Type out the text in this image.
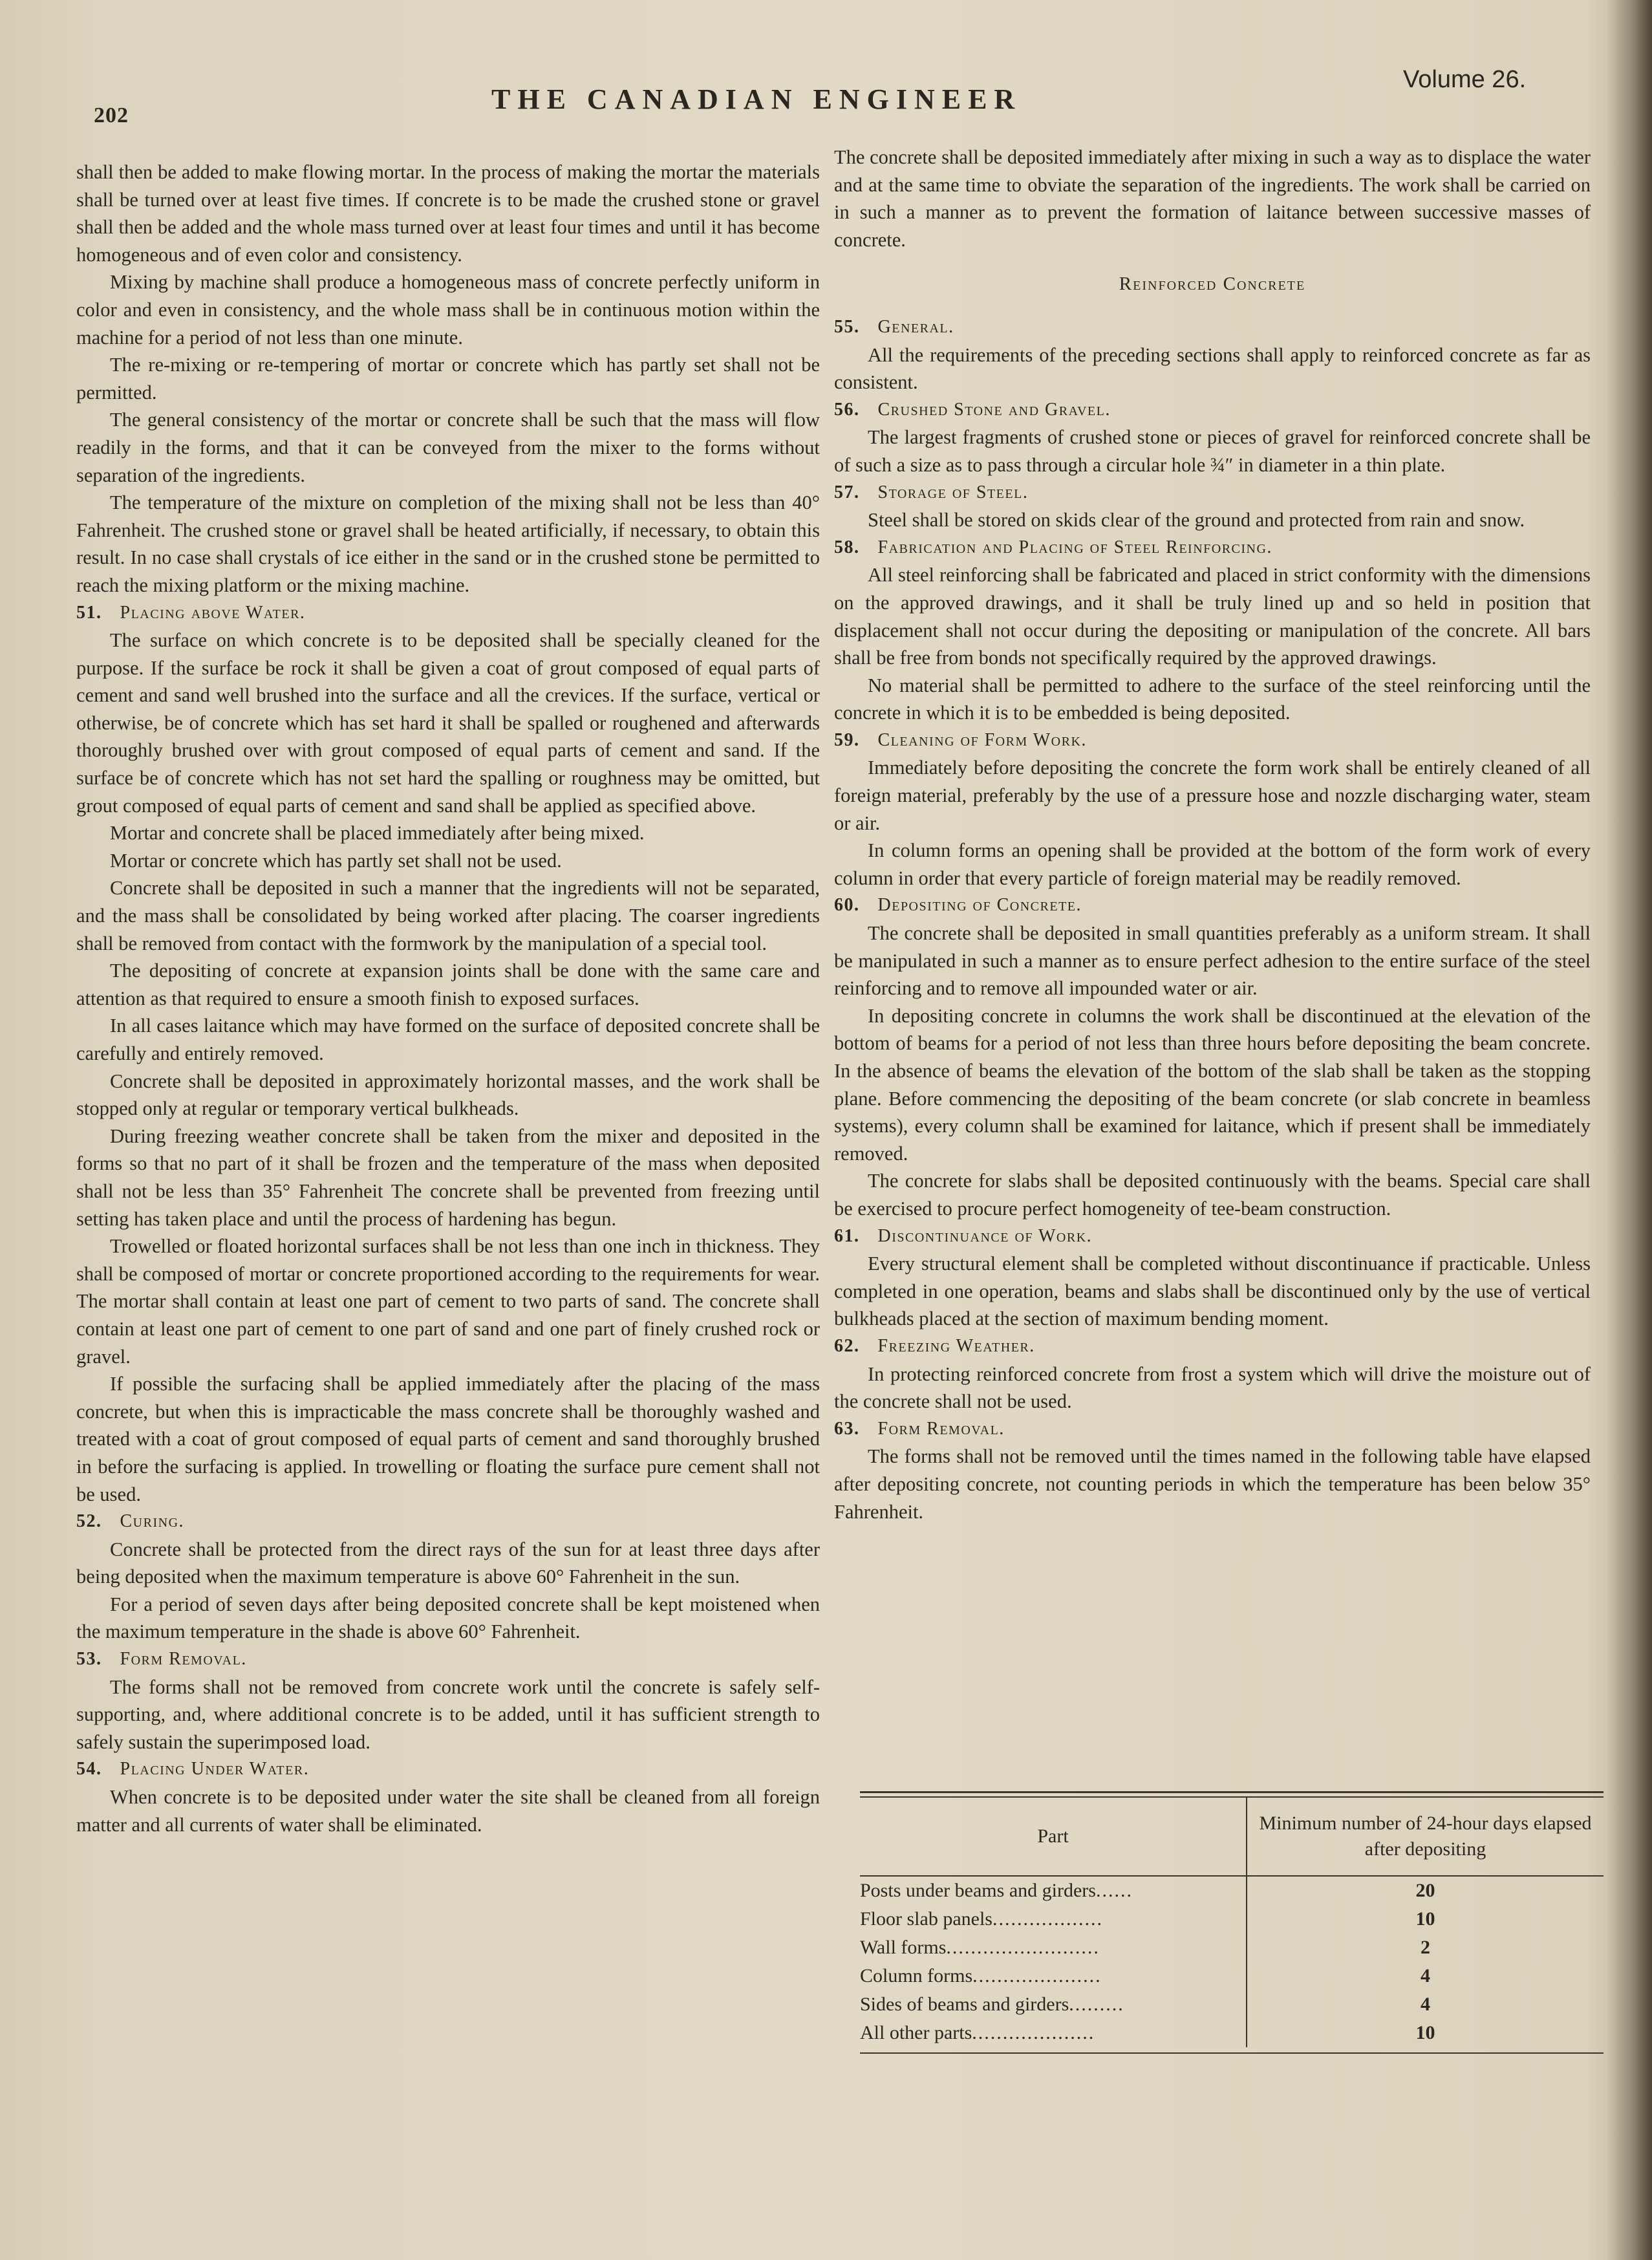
202
THE CANADIAN ENGINEER
Volume 26.

shall then be added to make flowing mortar. In the process of making the mortar the materials shall be turned over at least five times. If concrete is to be made the crushed stone or gravel shall then be added and the whole mass turned over at least four times and until it has become homogeneous and of even color and consistency.

Mixing by machine shall produce a homogeneous mass of concrete perfectly uniform in color and even in consistency, and the whole mass shall be in continuous motion within the machine for a period of not less than one minute.

The re-mixing or re-tempering of mortar or concrete which has partly set shall not be permitted.

The general consistency of the mortar or concrete shall be such that the mass will flow readily in the forms, and that it can be conveyed from the mixer to the forms without separation of the ingredients.

The temperature of the mixture on completion of the mixing shall not be less than 40° Fahrenheit. The crushed stone or gravel shall be heated artificially, if necessary, to obtain this result. In no case shall crystals of ice either in the sand or in the crushed stone be permitted to reach the mixing platform or the mixing machine.

51. Placing above Water.

The surface on which concrete is to be deposited shall be specially cleaned for the purpose. If the surface be rock it shall be given a coat of grout composed of equal parts of cement and sand well brushed into the surface and all the crevices. If the surface, vertical or otherwise, be of concrete which has set hard it shall be spalled or roughened and afterwards thoroughly brushed over with grout composed of equal parts of cement and sand. If the surface be of concrete which has not set hard the spalling or roughness may be omitted, but grout composed of equal parts of cement and sand shall be applied as specified above.

Mortar and concrete shall be placed immediately after being mixed.

Mortar or concrete which has partly set shall not be used.

Concrete shall be deposited in such a manner that the ingredients will not be separated, and the mass shall be consolidated by being worked after placing. The coarser ingredients shall be removed from contact with the formwork by the manipulation of a special tool.

The depositing of concrete at expansion joints shall be done with the same care and attention as that required to ensure a smooth finish to exposed surfaces.

In all cases laitance which may have formed on the surface of deposited concrete shall be carefully and entirely removed.

Concrete shall be deposited in approximately horizontal masses, and the work shall be stopped only at regular or temporary vertical bulkheads.

During freezing weather concrete shall be taken from the mixer and deposited in the forms so that no part of it shall be frozen and the temperature of the mass when deposited shall not be less than 35° Fahrenheit The concrete shall be prevented from freezing until setting has taken place and until the process of hardening has begun.

Trowelled or floated horizontal surfaces shall be not less than one inch in thickness. They shall be composed of mortar or concrete proportioned according to the requirements for wear. The mortar shall contain at least one part of cement to two parts of sand. The concrete shall contain at least one part of cement to one part of sand and one part of finely crushed rock or gravel.

If possible the surfacing shall be applied immediately after the placing of the mass concrete, but when this is impracticable the mass concrete shall be thoroughly washed and treated with a coat of grout composed of equal parts of cement and sand thoroughly brushed in before the surfacing is applied. In trowelling or floating the surface pure cement shall not be used.

52. Curing.

Concrete shall be protected from the direct rays of the sun for at least three days after being deposited when the maximum temperature is above 60° Fahrenheit in the sun.

For a period of seven days after being deposited concrete shall be kept moistened when the maximum temperature in the shade is above 60° Fahrenheit.

53. Form Removal.

The forms shall not be removed from concrete work until the concrete is safely self-supporting, and, where additional concrete is to be added, until it has sufficient strength to safely sustain the superimposed load.

54. Placing Under Water.

When concrete is to be deposited under water the site shall be cleaned from all foreign matter and all currents of water shall be eliminated.

The concrete shall be deposited immediately after mixing in such a way as to displace the water and at the same time to obviate the separation of the ingredients. The work shall be carried on in such a manner as to prevent the formation of laitance between successive masses of concrete.

Reinforced Concrete

55. General.

All the requirements of the preceding sections shall apply to reinforced concrete as far as consistent.

56. Crushed Stone and Gravel.

The largest fragments of crushed stone or pieces of gravel for reinforced concrete shall be of such a size as to pass through a circular hole ¾″ in diameter in a thin plate.

57. Storage of Steel.

Steel shall be stored on skids clear of the ground and protected from rain and snow.

58. Fabrication and Placing of Steel Reinforcing.

All steel reinforcing shall be fabricated and placed in strict conformity with the dimensions on the approved drawings, and it shall be truly lined up and so held in position that displacement shall not occur during the depositing or manipulation of the concrete. All bars shall be free from bonds not specifically required by the approved drawings.

No material shall be permitted to adhere to the surface of the steel reinforcing until the concrete in which it is to be embedded is being deposited.

59. Cleaning of Form Work.

Immediately before depositing the concrete the form work shall be entirely cleaned of all foreign material, preferably by the use of a pressure hose and nozzle discharging water, steam or air.

In column forms an opening shall be provided at the bottom of the form work of every column in order that every particle of foreign material may be readily removed.

60. Depositing of Concrete.

The concrete shall be deposited in small quantities preferably as a uniform stream. It shall be manipulated in such a manner as to ensure perfect adhesion to the entire surface of the steel reinforcing and to remove all impounded water or air.

In depositing concrete in columns the work shall be discontinued at the elevation of the bottom of beams for a period of not less than three hours before depositing the beam concrete. In the absence of beams the elevation of the bottom of the slab shall be taken as the stopping plane. Before commencing the depositing of the beam concrete (or slab concrete in beamless systems), every column shall be examined for laitance, which if present shall be immediately removed.

The concrete for slabs shall be deposited continuously with the beams. Special care shall be exercised to procure perfect homogeneity of tee-beam construction.

61. Discontinuance of Work.

Every structural element shall be completed without discontinuance if practicable. Unless completed in one operation, beams and slabs shall be discontinued only by the use of vertical bulkheads placed at the section of maximum bending moment.

62. Freezing Weather.

In protecting reinforced concrete from frost a system which will drive the moisture out of the concrete shall not be used.

63. Form Removal.

The forms shall not be removed until the times named in the following table have elapsed after depositing concrete, not counting periods in which the temperature has been below 35° Fahrenheit.

Part	Minimum number of 24-hour days elapsed after depositing
Posts under beams and girders......	20
Floor slab panels..................	10
Wall forms.........................	2
Column forms.....................	4
Sides of beams and girders.........	4
All other parts....................	10
